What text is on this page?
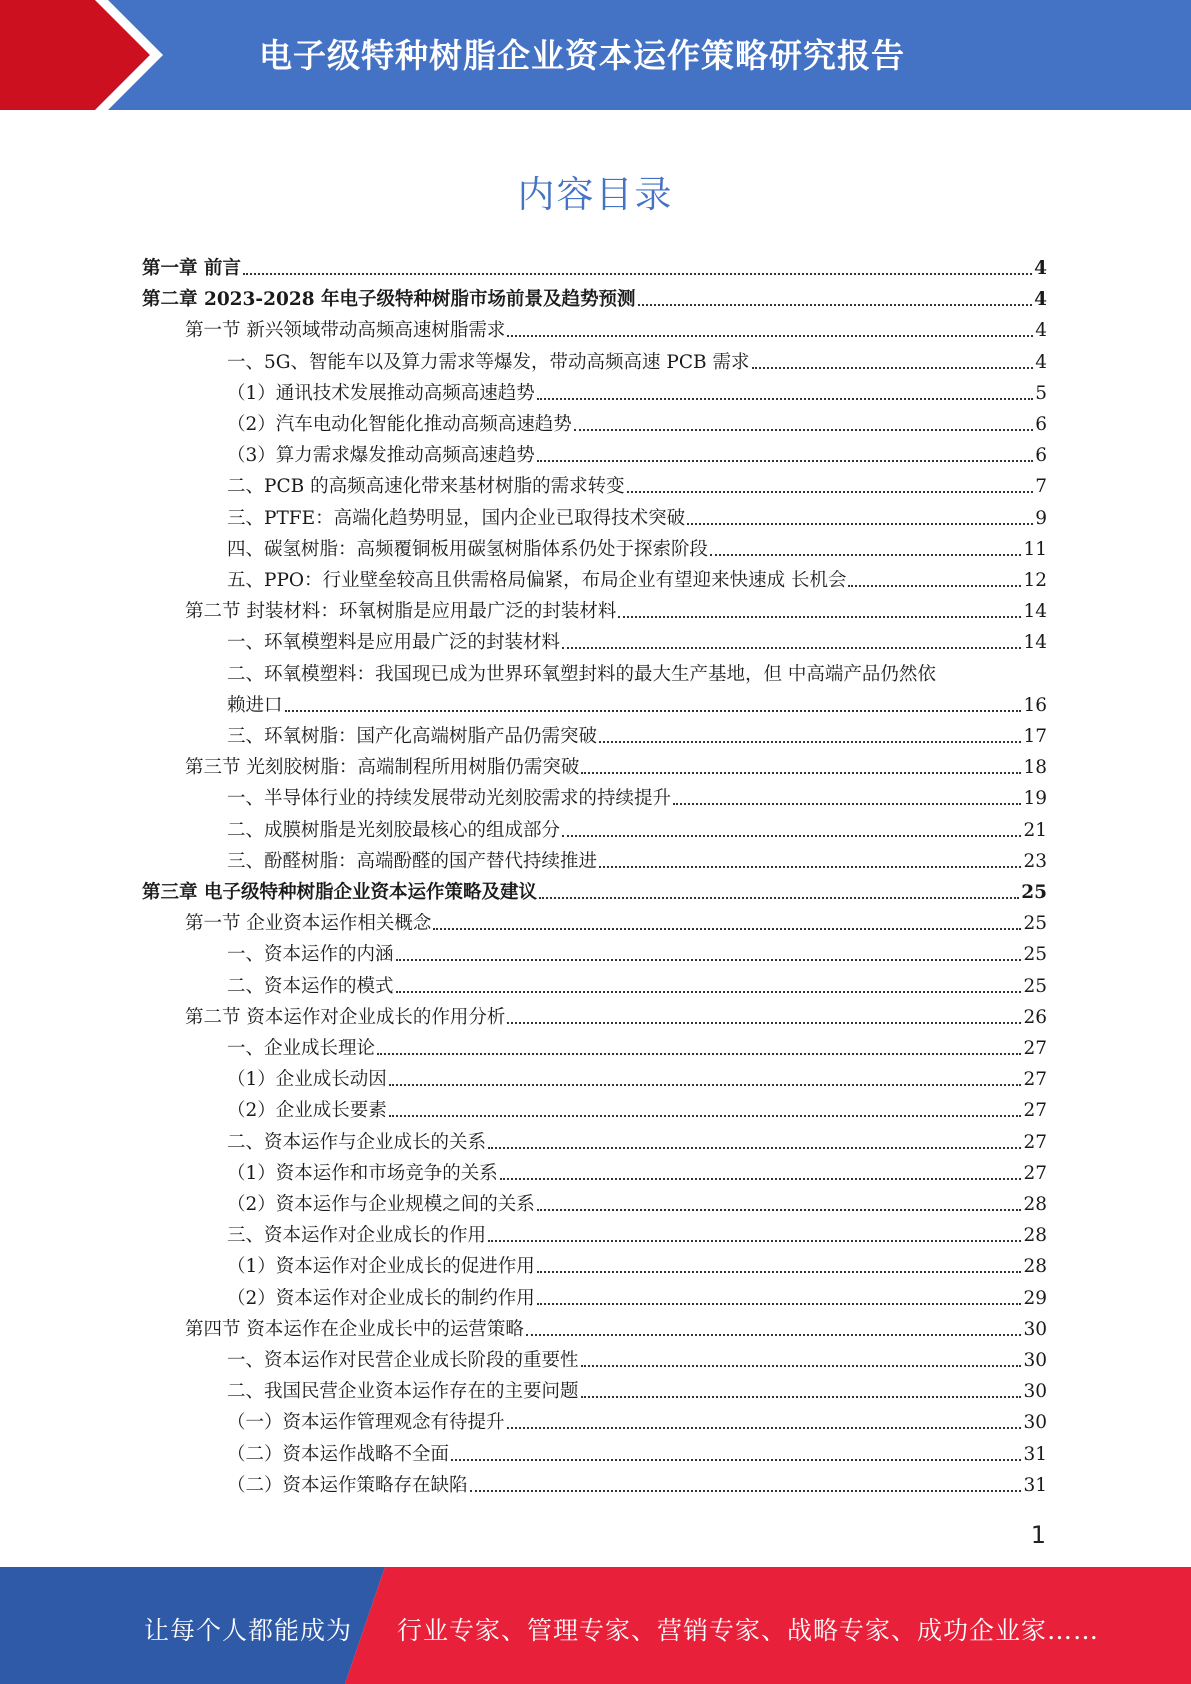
电子级特种树脂企业资本运作策略研究报告
内容目录
第一章 前言	4
第二章 2023-2028 年电子级特种树脂市场前景及趋势预测	4
第一节 新兴领域带动高频高速树脂需求	4
一、5G、智能车以及算力需求等爆发，带动高频高速 PCB 需求	4
（1）通讯技术发展推动高频高速趋势	5
（2）汽车电动化智能化推动高频高速趋势	6
（3）算力需求爆发推动高频高速趋势	6
二、PCB 的高频高速化带来基材树脂的需求转变	7
三、PTFE：高端化趋势明显，国内企业已取得技术突破	9
四、碳氢树脂：高频覆铜板用碳氢树脂体系仍处于探索阶段	11
五、PPO：行业壁垒较高且供需格局偏紧，布局企业有望迎来快速成 长机会	12
第二节 封装材料：环氧树脂是应用最广泛的封装材料	14
一、环氧模塑料是应用最广泛的封装材料	14
二、环氧模塑料：我国现已成为世界环氧塑封料的最大生产基地，但 中高端产品仍然依
赖进口	16
三、环氧树脂：国产化高端树脂产品仍需突破	17
第三节 光刻胶树脂：高端制程所用树脂仍需突破	18
一、半导体行业的持续发展带动光刻胶需求的持续提升	19
二、成膜树脂是光刻胶最核心的组成部分	21
三、酚醛树脂：高端酚醛的国产替代持续推进	23
第三章 电子级特种树脂企业资本运作策略及建议	25
第一节 企业资本运作相关概念	25
一、资本运作的内涵	25
二、资本运作的模式	25
第二节 资本运作对企业成长的作用分析	26
一、企业成长理论	27
（1）企业成长动因	27
（2）企业成长要素	27
二、资本运作与企业成长的关系	27
（1）资本运作和市场竞争的关系	27
（2）资本运作与企业规模之间的关系	28
三、资本运作对企业成长的作用	28
（1）资本运作对企业成长的促进作用	28
（2）资本运作对企业成长的制约作用	29
第四节 资本运作在企业成长中的运营策略	30
一、资本运作对民营企业成长阶段的重要性	30
二、我国民营企业资本运作存在的主要问题	30
（一）资本运作管理观念有待提升	30
（二）资本运作战略不全面	31
（二）资本运作策略存在缺陷	31
1
让每个人都能成为 行业专家、管理专家、营销专家、战略专家、成功企业家……
